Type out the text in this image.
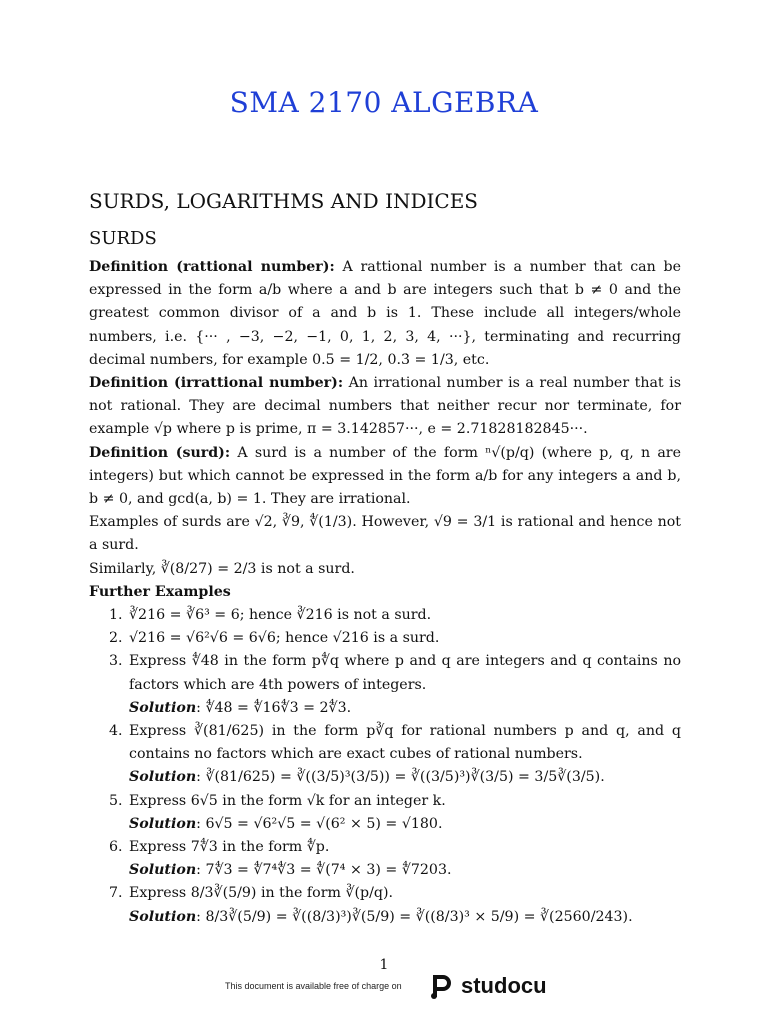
SMA 2170 ALGEBRA
SURDS, LOGARITHMS AND INDICES
SURDS

Definition (rattional number): A rattional number is a number that can be expressed in the form a/b where a and b are integers such that b ≠ 0 and the greatest common divisor of a and b is 1. These include all integers/whole numbers, i.e. {··· , −3, −2, −1, 0, 1, 2, 3, 4, ···}, terminating and recurring decimal numbers, for example 0.5 = 1/2, 0.3̇ = 1/3, etc.

Definition (irrattional number): An irrational number is a real number that is not rational. They are decimal numbers that neither recur nor terminate, for example √p where p is prime, π = 3.142857···, e = 2.71828182845···.

Definition (surd): A surd is a number of the form ⁿ√(p/q) (where p, q, n are integers) but which cannot be expressed in the form a/b for any integers a and b, b ≠ 0, and gcd(a, b) = 1. They are irrational.

Examples of surds are √2, ∛9, ∜(1/3). However, √9 = 3/1 is rational and hence not a surd.

Similarly, ∛(8/27) = 2/3 is not a surd.

Further Examples

1. ∛216 = ∛6³ = 6; hence ∛216 is not a surd.
2. √216 = √6²√6 = 6√6; hence √216 is a surd.
3. Express ∜48 in the form p∜q where p and q are integers and q contains no factors which are 4th powers of integers.
Solution: ∜48 = ∜16∜3 = 2∜3.
4. Express ∛(81/625) in the form p∛q for rational numbers p and q, and q contains no factors which are exact cubes of rational numbers.
Solution: ∛(81/625) = ∛((3/5)³(3/5)) = ∛((3/5)³)∛(3/5) = 3/5∛(3/5).
5. Express 6√5 in the form √k for an integer k.
Solution: 6√5 = √6²√5 = √(6² × 5) = √180.
6. Express 7∜3 in the form ∜p.
Solution: 7∜3 = ∜7⁴∜3 = ∜(7⁴ × 3) = ∜7203.
7. Express 8/3∛(5/9) in the form ∛(p/q).
Solution: 8/3∛(5/9) = ∛((8/3)³)∛(5/9) = ∛((8/3)³ × 5/9) = ∛(2560/243).
1
This document is available free of charge on	studocu
